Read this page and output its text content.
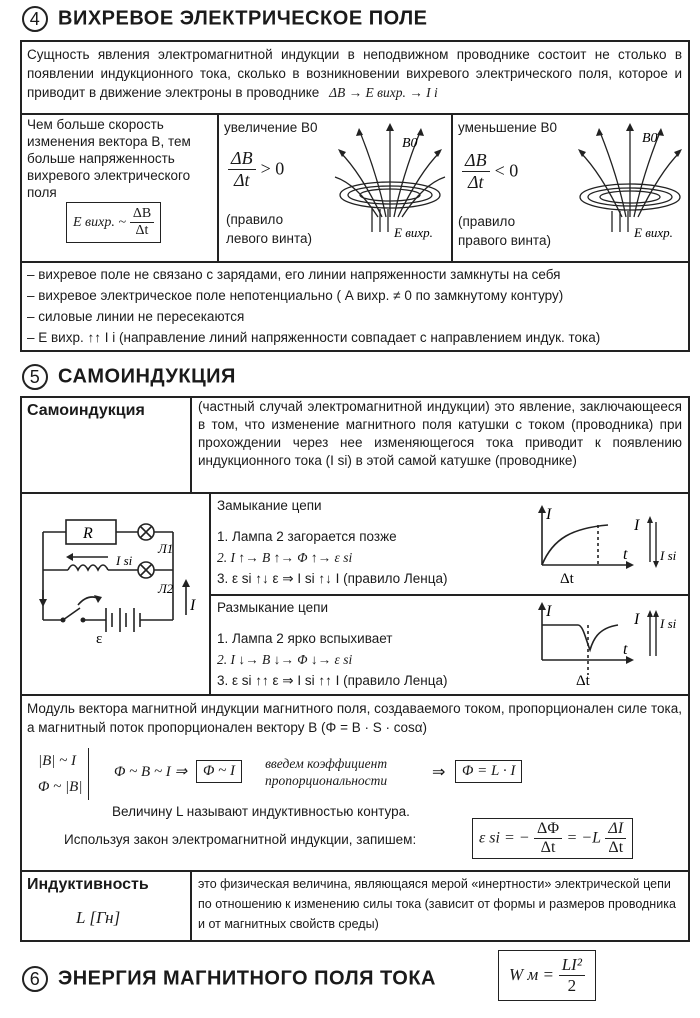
4 ВИХРЕВОЕ ЭЛЕКТРИЧЕСКОЕ ПОЛЕ
Сущность явления электромагнитной индукции в неподвижном проводнике состоит не столько в появлении индукционного тока, сколько в возникновении вихревого электрического поля, которое и приводит в движение электроны в проводнике ΔB → E вихр. → I i
Чем больше скорость изменения вектора B, тем больше напряженность вихревого электрического поля
E вихр. ~ $\frac{\Delta B}{\Delta t}$
увеличение B0
$\frac{\Delta B}{\Delta t} > 0$
(правило левого винта)
уменьшение B0
$\frac{\Delta B}{\Delta t} < 0$
(правило правого винта)
B0
E вихр.
B0
E вихр.
– вихревое поле не связано с зарядами, его линии напряженности замкнуты на себя
– вихревое электрическое поле непотенциально ( A вихр. ≠ 0 по замкнутому контуру)
– силовые линии не пересекаются
– E вихр. ↑↑ I i (направление линий напряженности совпадает с направлением индук. тока)
5 САМОИНДУКЦИЯ
Самоиндукция	(частный случай электромагнитной индукции) это явление, заключающееся в том, что изменение магнитного поля катушки с током (проводника) при прохождении через нее изменяющегося тока приводит к появлению индукционного тока (I si) в этой самой катушке (проводнике)
R
I si
Л1
Л2
I
ε
Замыкание цепи
1. Лампа 2 загорается позже
2. I ↑→ B ↑→ Φ ↑→ ε si
3. ε si ↑↓ ε ⇒ I si ↑↓ I (правило Ленца)
I
t
Δt
I
I si
Размыкание цепи
1. Лампа 2 ярко вспыхивает
2. I ↓→ B ↓→ Φ ↓→ ε si
3. ε si ↑↑ ε ⇒ I si ↑↑ I (правило Ленца)
I
t
Δt
I I si
Модуль вектора магнитной индукции магнитного поля, создаваемого током, пропорционален силе тока, а магнитный поток пропорционален вектору B (Φ = B · S · cosα)
|B| ~ I
Φ ~ |B|
Φ ~ B ~ I ⇒	Φ ~ I	введем коэффициент
пропорциональности	⇒	Φ = L · I
Величину L называют индуктивностью контура.
Используя закон электромагнитной индукции, запишем:	ε si = − $\frac{\Delta\Phi}{\Delta t} = -L \frac{\Delta I}{\Delta t}$
Индуктивность
L [Гн]
это физическая величина, являющаяся мерой «инертности» электрической цепи по отношению к изменению силы тока (зависит от формы и размеров проводника и от магнитных свойств среды)
6 ЭНЕРГИЯ МАГНИТНОГО ПОЛЯ ТОКА	W $м = \frac{\text{LI²}}{2}$
